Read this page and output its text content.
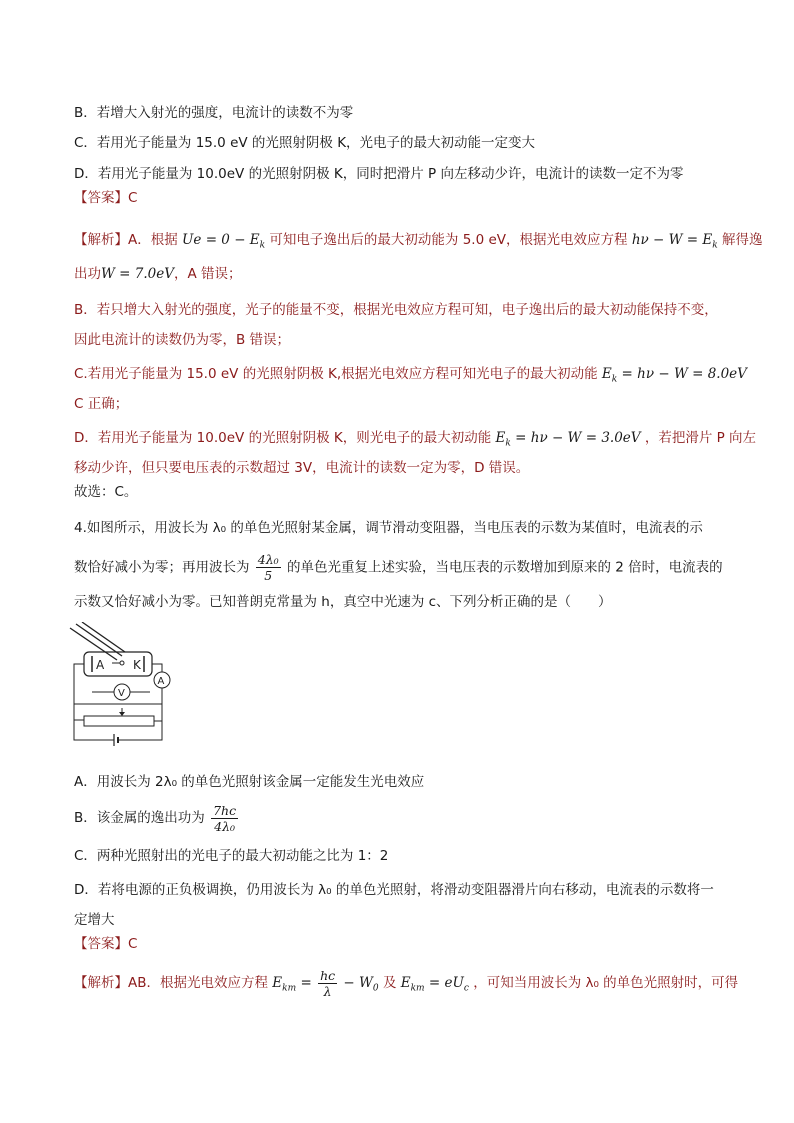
B．若增大入射光的强度，电流计的读数不为零
C．若用光子能量为 15.0 eV 的光照射阴极 K，光电子的最大初动能一定变大
D．若用光子能量为 10.0eV 的光照射阴极 K，同时把滑片 P 向左移动少许，电流计的读数一定不为零
【答案】C
【解析】A．根据 $Ue = 0 - E_k$ 可知电子逸出后的最大初动能为 5.0 eV，根据光电效应方程 $h\nu - W = E_k$ 解得逸
出功W = 7.0eV，A 错误；
B．若只增大入射光的强度，光子的能量不变，根据光电效应方程可知，电子逸出后的最大初动能保持不变，
因此电流计的读数仍为零，B 错误；
C.若用光子能量为 15.0 eV 的光照射阴极 K,根据光电效应方程可知光电子的最大初动能 $E_k = h\nu - W = 8.0eV$
C 正确；
D．若用光子能量为 10.0eV 的光照射阴极 K，则光电子的最大初动能 $E_k = h\nu - W = 3.0eV$ ，若把滑片 P 向左
移动少许，但只要电压表的示数超过 3V，电流计的读数一定为零，D 错误。
故选：C。
4.如图所示，用波长为 λ₀ 的单色光照射某金属，调节滑动变阻器，当电压表的示数为某值时，电流表的示
数恰好减小为零；再用波长为 $\frac{\text{4λ₀}}{5}$ 的单色光重复上述实验，当电压表的示数增加到原来的 2 倍时，电流表的
示数又恰好减小为零。已知普朗克常量为 h，真空中光速为 c、下列分析正确的是（　　）
A K
A
V
A．用波长为 2λ₀ 的单色光照射该金属一定能发生光电效应
B．该金属的逸出功为 $\frac{7hc}{\text{4λ₀}}$
C．两种光照射出的光电子的最大初动能之比为 1：2
D．若将电源的正负极调换，仍用波长为 λ₀ 的单色光照射，将滑动变阻器滑片向右移动，电流表的示数将一
定增大
【答案】C
【解析】AB．根据光电效应方程 $E_{km} = \frac{hc}{\lambda} - W_0$ 及 $E_{km} = eU_c$ ，可知当用波长为 λ₀ 的单色光照射时，可得
